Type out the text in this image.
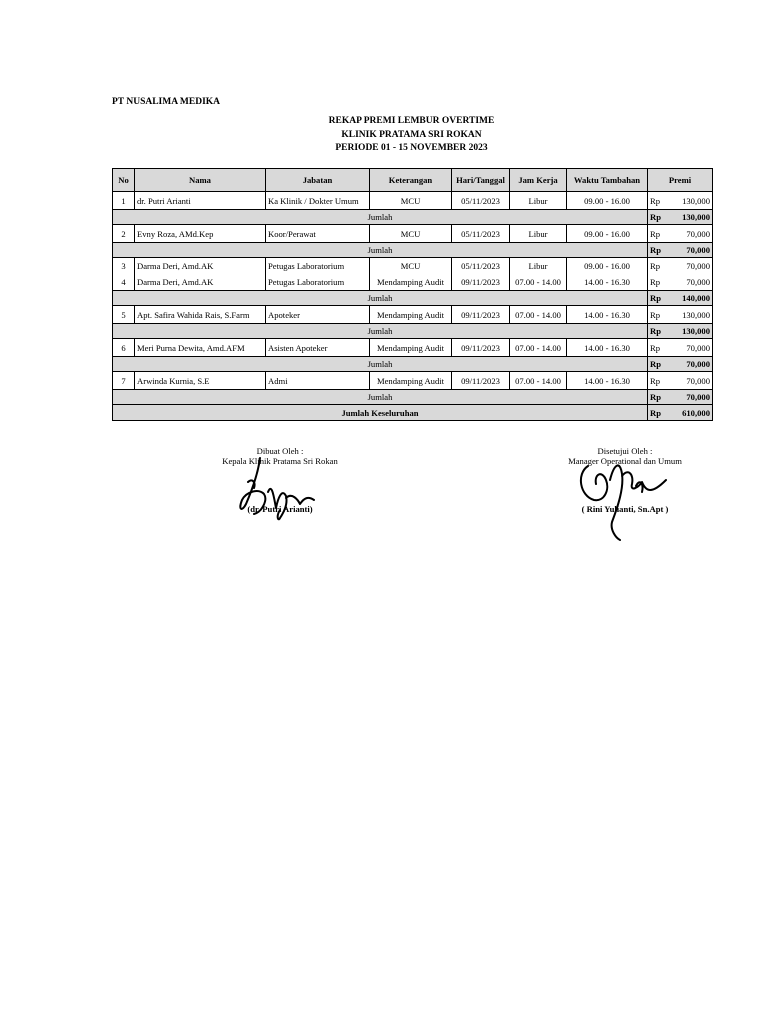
PT NUSALIMA MEDIKA
REKAP PREMI LEMBUR OVERTIME
KLINIK PRATAMA SRI ROKAN
PERIODE 01 - 15 NOVEMBER 2023
No	Nama	Jabatan	Keterangan	Hari/Tanggal	Jam Kerja	Waktu Tambahan	Premi	
1	dr. Putri Arianti	Ka Klinik / Dokter Umum	MCU	05/11/2023	Libur	09.00 - 16.00	Rp	130,000
Jumlah							Rp	130,000
2	Evny Roza, AMd.Kep	Koor/Perawat	MCU	05/11/2023	Libur	09.00 - 16.00	Rp	70,000
Jumlah							Rp	70,000
3	Darma Deri, Amd.AK	Petugas Laboratorium	MCU	05/11/2023	Libur	09.00 - 16.00	Rp	70,000
4	Darma Deri, Amd.AK	Petugas Laboratorium	Mendamping Audit	09/11/2023	07.00 - 14.00	14.00 - 16.30	Rp	70,000
Jumlah							Rp	140,000
5	Apt. Safira Wahida Rais, S.Farm	Apoteker	Mendamping Audit	09/11/2023	07.00 - 14.00	14.00 - 16.30	Rp	130,000
Jumlah							Rp	130,000
6	Meri Purna Dewita, Amd.AFM	Asisten Apoteker	Mendamping Audit	09/11/2023	07.00 - 14.00	14.00 - 16.30	Rp	70,000
Jumlah							Rp	70,000
7	Arwinda Kurnia, S.E	Admi	Mendamping Audit	09/11/2023	07.00 - 14.00	14.00 - 16.30	Rp	70,000
Jumlah							Rp	70,000
Jumlah Keseluruhan							Rp	610,000
Dibuat Oleh :
Kepala Klinik Pratama Sri Rokan
(dr. Putri Arianti)
Disetujui Oleh :
Manager Operational dan Umum
( Rini Yulianti, Sn.Apt )
